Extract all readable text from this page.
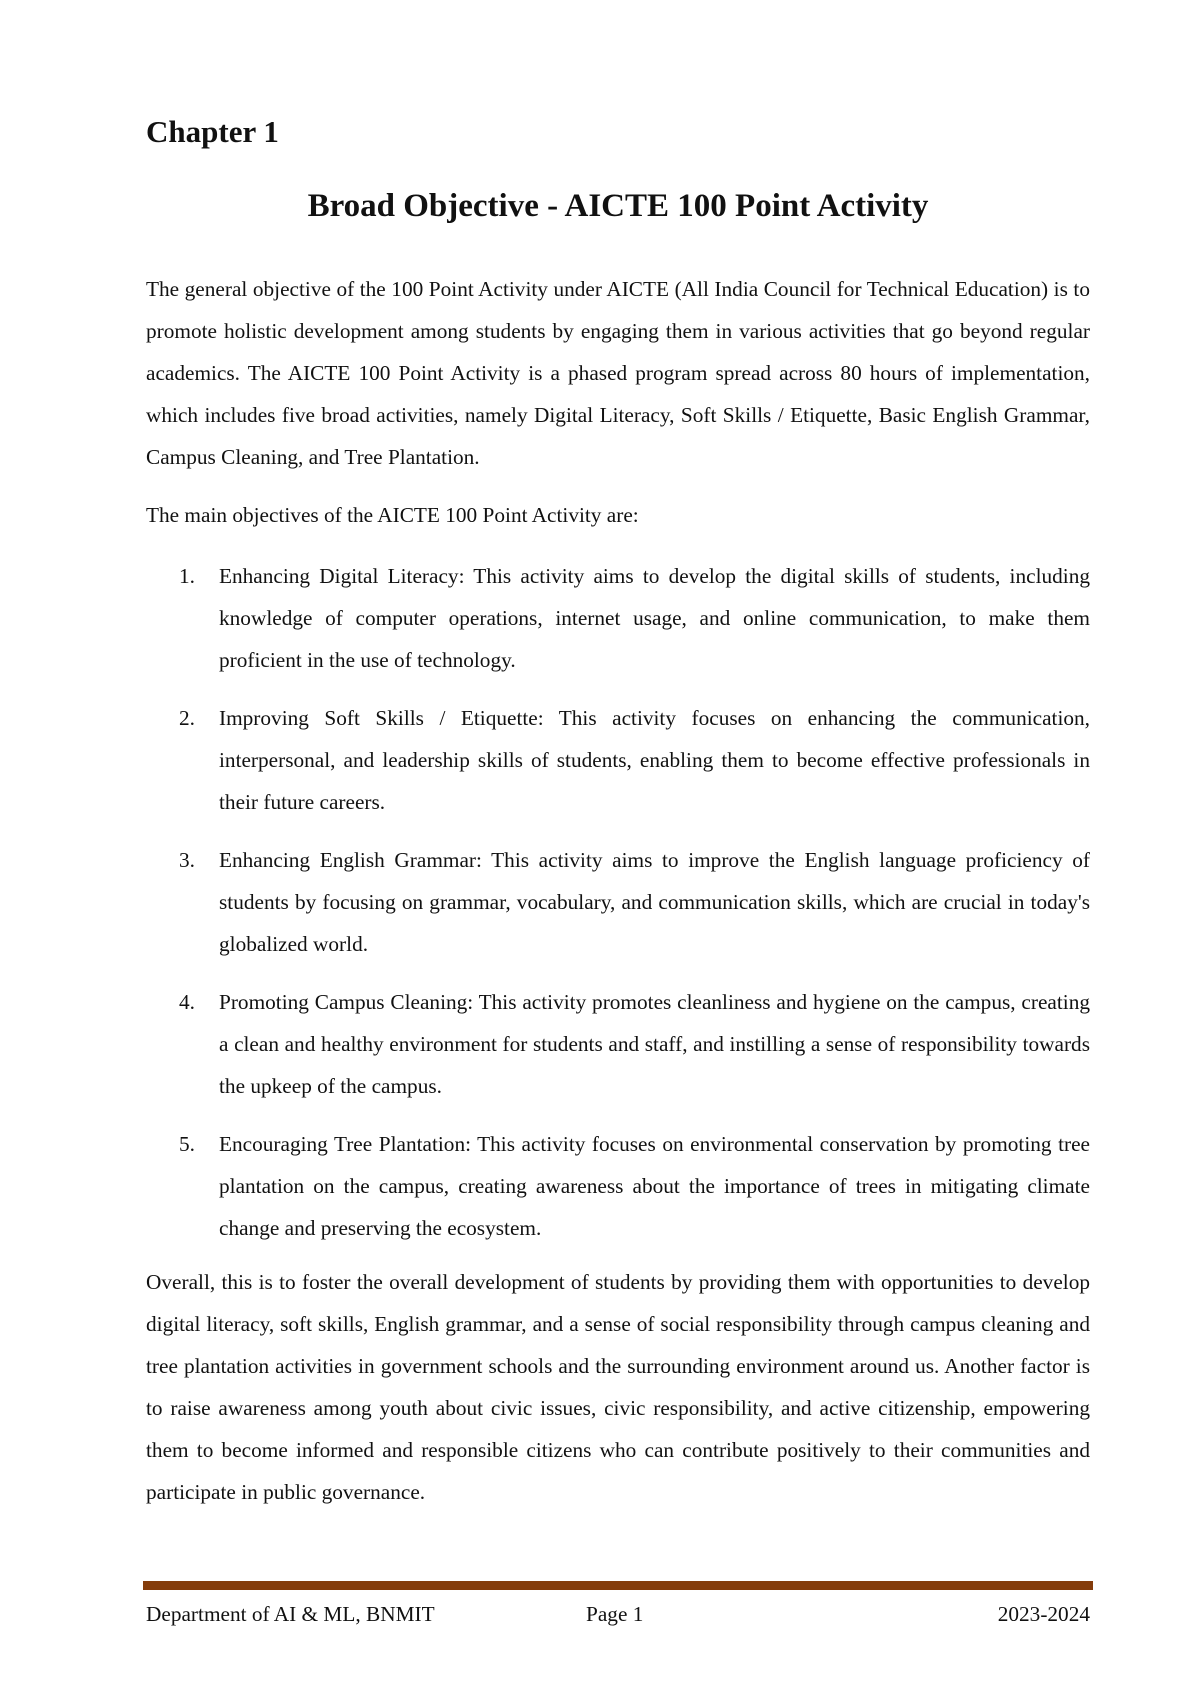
Chapter 1
Broad Objective - AICTE 100 Point Activity

The general objective of the 100 Point Activity under AICTE (All India Council for Technical Education) is to promote holistic development among students by engaging them in various activities that go beyond regular academics. The AICTE 100 Point Activity is a phased program spread across 80 hours of implementation, which includes five broad activities, namely Digital Literacy, Soft Skills / Etiquette, Basic English Grammar, Campus Cleaning, and Tree Plantation.

The main objectives of the AICTE 100 Point Activity are:

1. Enhancing Digital Literacy: This activity aims to develop the digital skills of students, including knowledge of computer operations, internet usage, and online communication, to make them proficient in the use of technology.
2. Improving Soft Skills / Etiquette: This activity focuses on enhancing the communication, interpersonal, and leadership skills of students, enabling them to become effective professionals in their future careers.
3. Enhancing English Grammar: This activity aims to improve the English language proficiency of students by focusing on grammar, vocabulary, and communication skills, which are crucial in today's globalized world.
4. Promoting Campus Cleaning: This activity promotes cleanliness and hygiene on the campus, creating a clean and healthy environment for students and staff, and instilling a sense of responsibility towards the upkeep of the campus.
5. Encouraging Tree Plantation: This activity focuses on environmental conservation by promoting tree plantation on the campus, creating awareness about the importance of trees in mitigating climate change and preserving the ecosystem.

Overall, this is to foster the overall development of students by providing them with opportunities to develop digital literacy, soft skills, English grammar, and a sense of social responsibility through campus cleaning and tree plantation activities in government schools and the surrounding environment around us. Another factor is to raise awareness among youth about civic issues, civic responsibility, and active citizenship, empowering them to become informed and responsible citizens who can contribute positively to their communities and participate in public governance.

Department of AI & ML, BNMIT	Page 1	2023-2024
